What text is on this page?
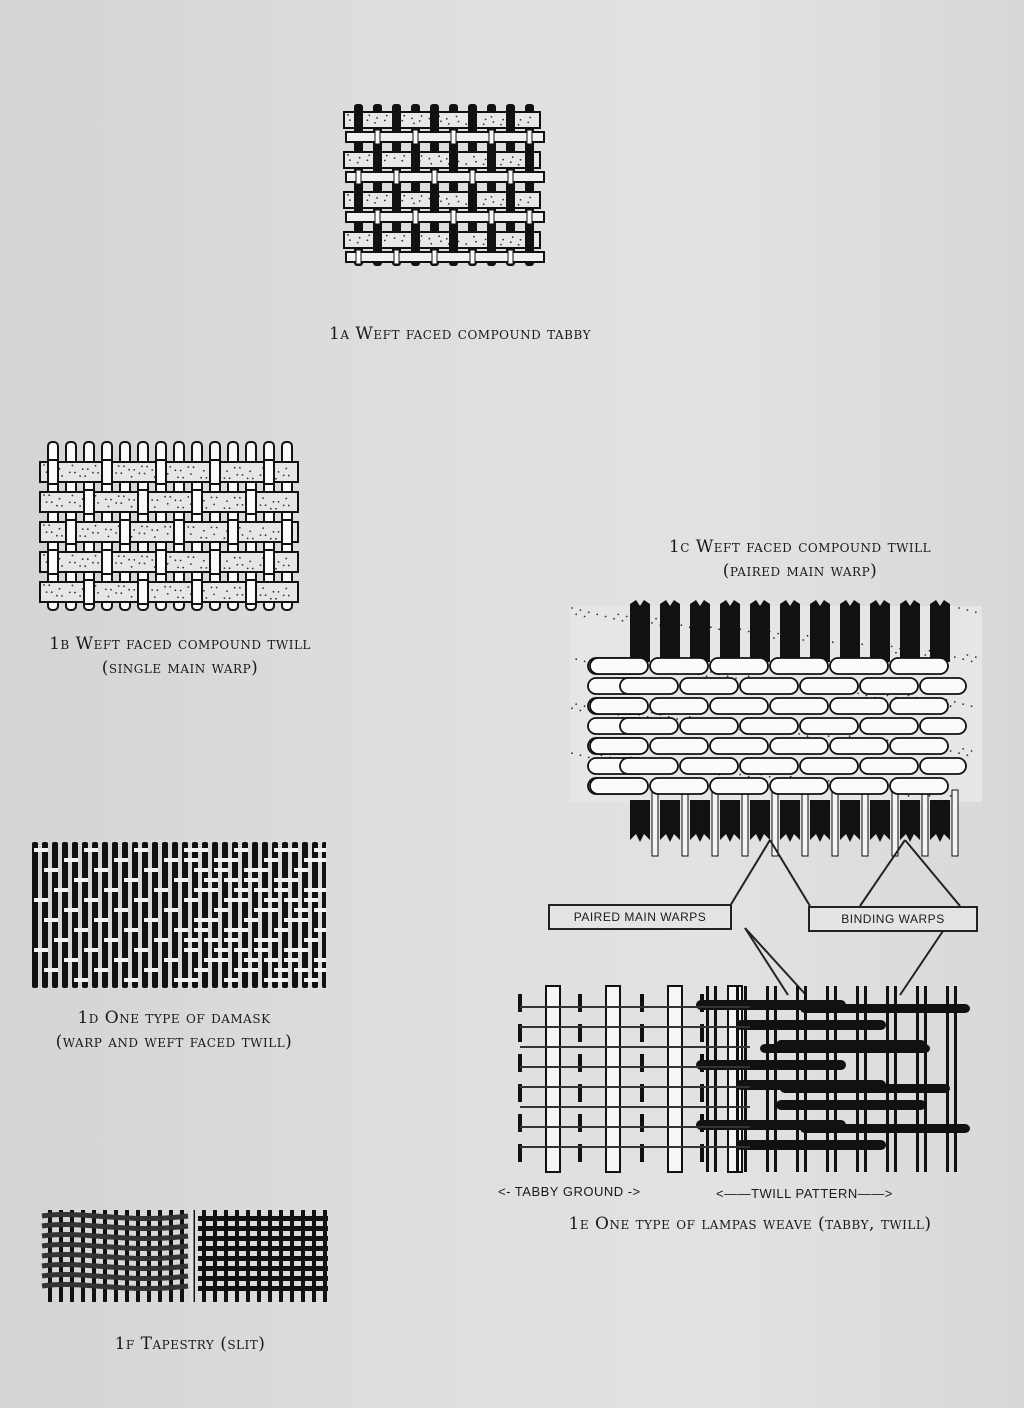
1a Weft faced compound tabby
1b Weft faced compound twill
(single main warp)
1c Weft faced compound twill
(paired main warp)
1d One type of damask
(warp and weft faced twill)
PAIRED MAIN WARPS	BINDING WARPS
<- TABBY GROUND ->	<——TWILL PATTERN——>
1e One type of lampas weave (tabby, twill)
1f Tapestry (slit)
